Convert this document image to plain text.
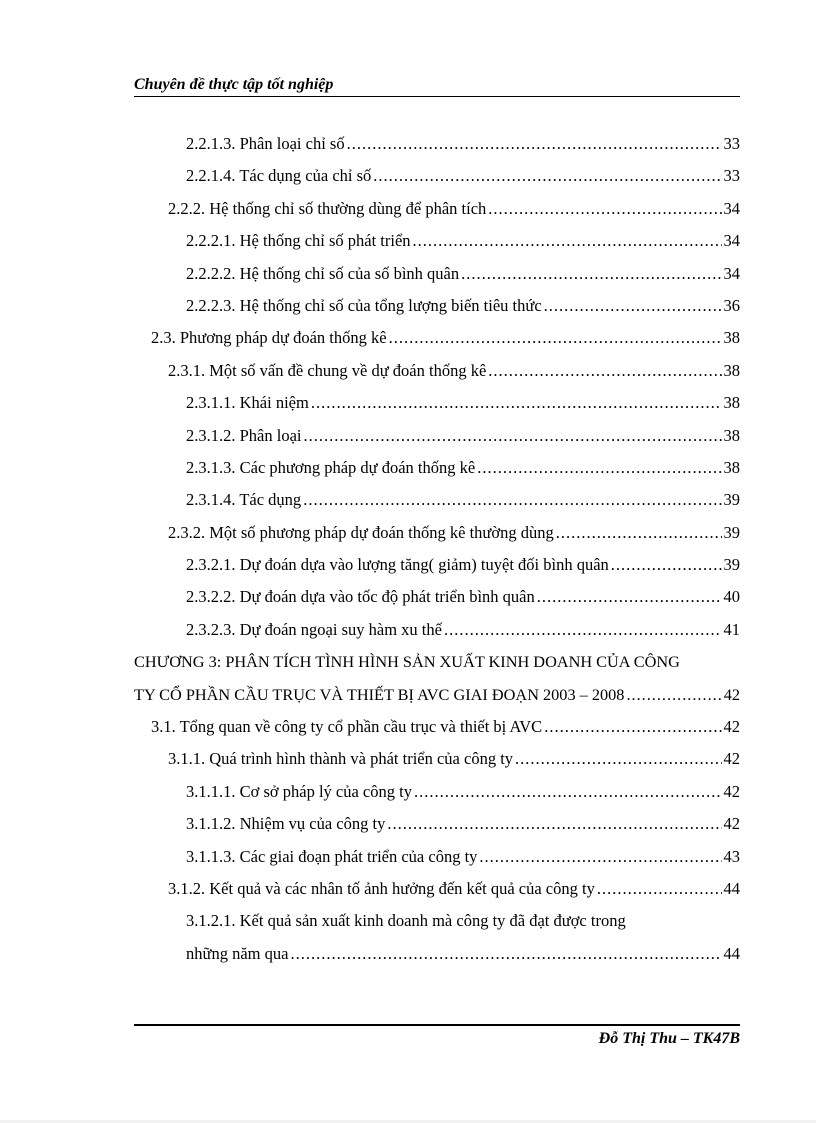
Chuyên đề thực tập tốt nghiệp
2.2.1.3. Phân loại chỉ số .....	33
2.2.1.4. Tác dụng của chỉ số .....	33
2.2.2. Hệ thống chỉ số thường dùng để phân tích .....	34
2.2.2.1. Hệ thống chỉ số phát triển .....	34
2.2.2.2. Hệ thống chỉ số của số bình quân .....	34
2.2.2.3. Hệ thống chỉ số của tổng lượng biến tiêu thức .....	36
2.3. Phương pháp dự đoán thống kê .....	38
2.3.1. Một số vấn đề chung về dự đoán thống kê .....	38
2.3.1.1. Khái niệm .....	38
2.3.1.2. Phân loại .....	38
2.3.1.3. Các phương pháp dự đoán thống kê .....	38
2.3.1.4. Tác dụng .....	39
2.3.2. Một số phương pháp dự đoán thống kê thường dùng .....	39
2.3.2.1. Dự đoán dựa vào lượng tăng( giảm) tuyệt đối bình quân .....	39
2.3.2.2. Dự đoán dựa vào tốc độ phát triển bình quân .....	40
2.3.2.3. Dự đoán ngoại suy hàm xu thế .....	41
CHƯƠNG 3: PHÂN TÍCH TÌNH HÌNH SẢN XUẤT KINH DOANH CỦA CÔNG
TY CỔ PHẦN CẦU TRỤC VÀ THIẾT BỊ AVC GIAI ĐOẠN 2003 – 2008 .....	42
3.1. Tổng quan về công ty cổ phần cầu trục và thiết bị AVC .....	42
3.1.1. Quá trình hình thành và phát triển của công ty .....	42
3.1.1.1. Cơ sở pháp lý của công ty .....	42
3.1.1.2. Nhiệm vụ của công ty .....	42
3.1.1.3. Các giai đoạn phát triển của công ty .....	43
3.1.2. Kết quả và các nhân tố ảnh hưởng đến kết quả của công ty .....	44
3.1.2.1. Kết quả sản xuất kinh doanh mà công ty đã đạt được trong
những năm qua .....	44
Đỗ Thị Thu – TK47B
